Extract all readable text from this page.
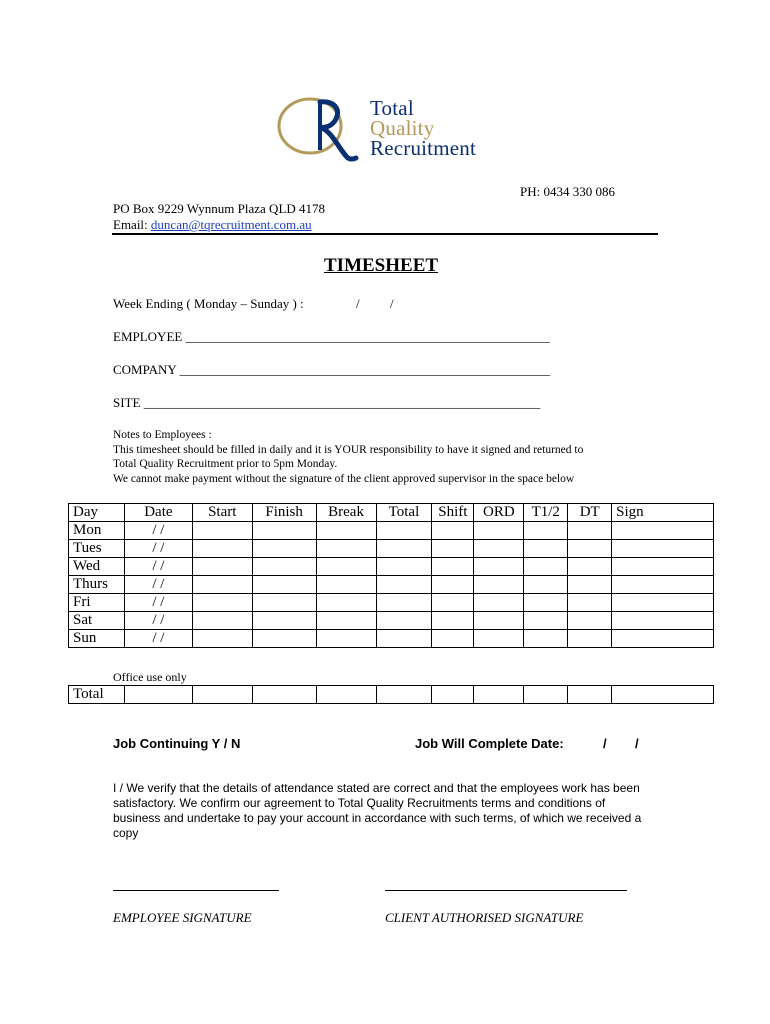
Total
Quality
Recruitment
PH: 0434 330 086
PO Box 9229 Wynnum Plaza QLD 4178
Email: duncan@tqrecruitment.com.au
TIMESHEET
Week Ending ( Monday – Sunday ) :	/ /
EMPLOYEE ________________________________________________________
COMPANY _________________________________________________________
SITE _____________________________________________________________
Notes to Employees :
This timesheet should be filled in daily and it is YOUR responsibility to have it signed and returned to
Total Quality Recruitment prior to 5pm Monday.
We cannot make payment without the signature of the client approved supervisor in the space below
Day	Date	Start	Finish	Break	Total	Shift	ORD	T1/2	DT	Sign
Mon	/ /									
Tues	/ /									
Wed	/ /									
Thurs	/ /									
Fri	/ /									
Sat	/ /									
Sun	/ /									
Office use only
Total										
Job Continuing Y / N	Job Will Complete Date:	/ /
I / We verify that the details of attendance stated are correct and that the employees work has been satisfactory. We confirm our agreement to Total Quality Recruitments terms and conditions of business and undertake to pay your account in accordance with such terms, of which we received a copy
EMPLOYEE SIGNATURE	CLIENT AUTHORISED SIGNATURE
